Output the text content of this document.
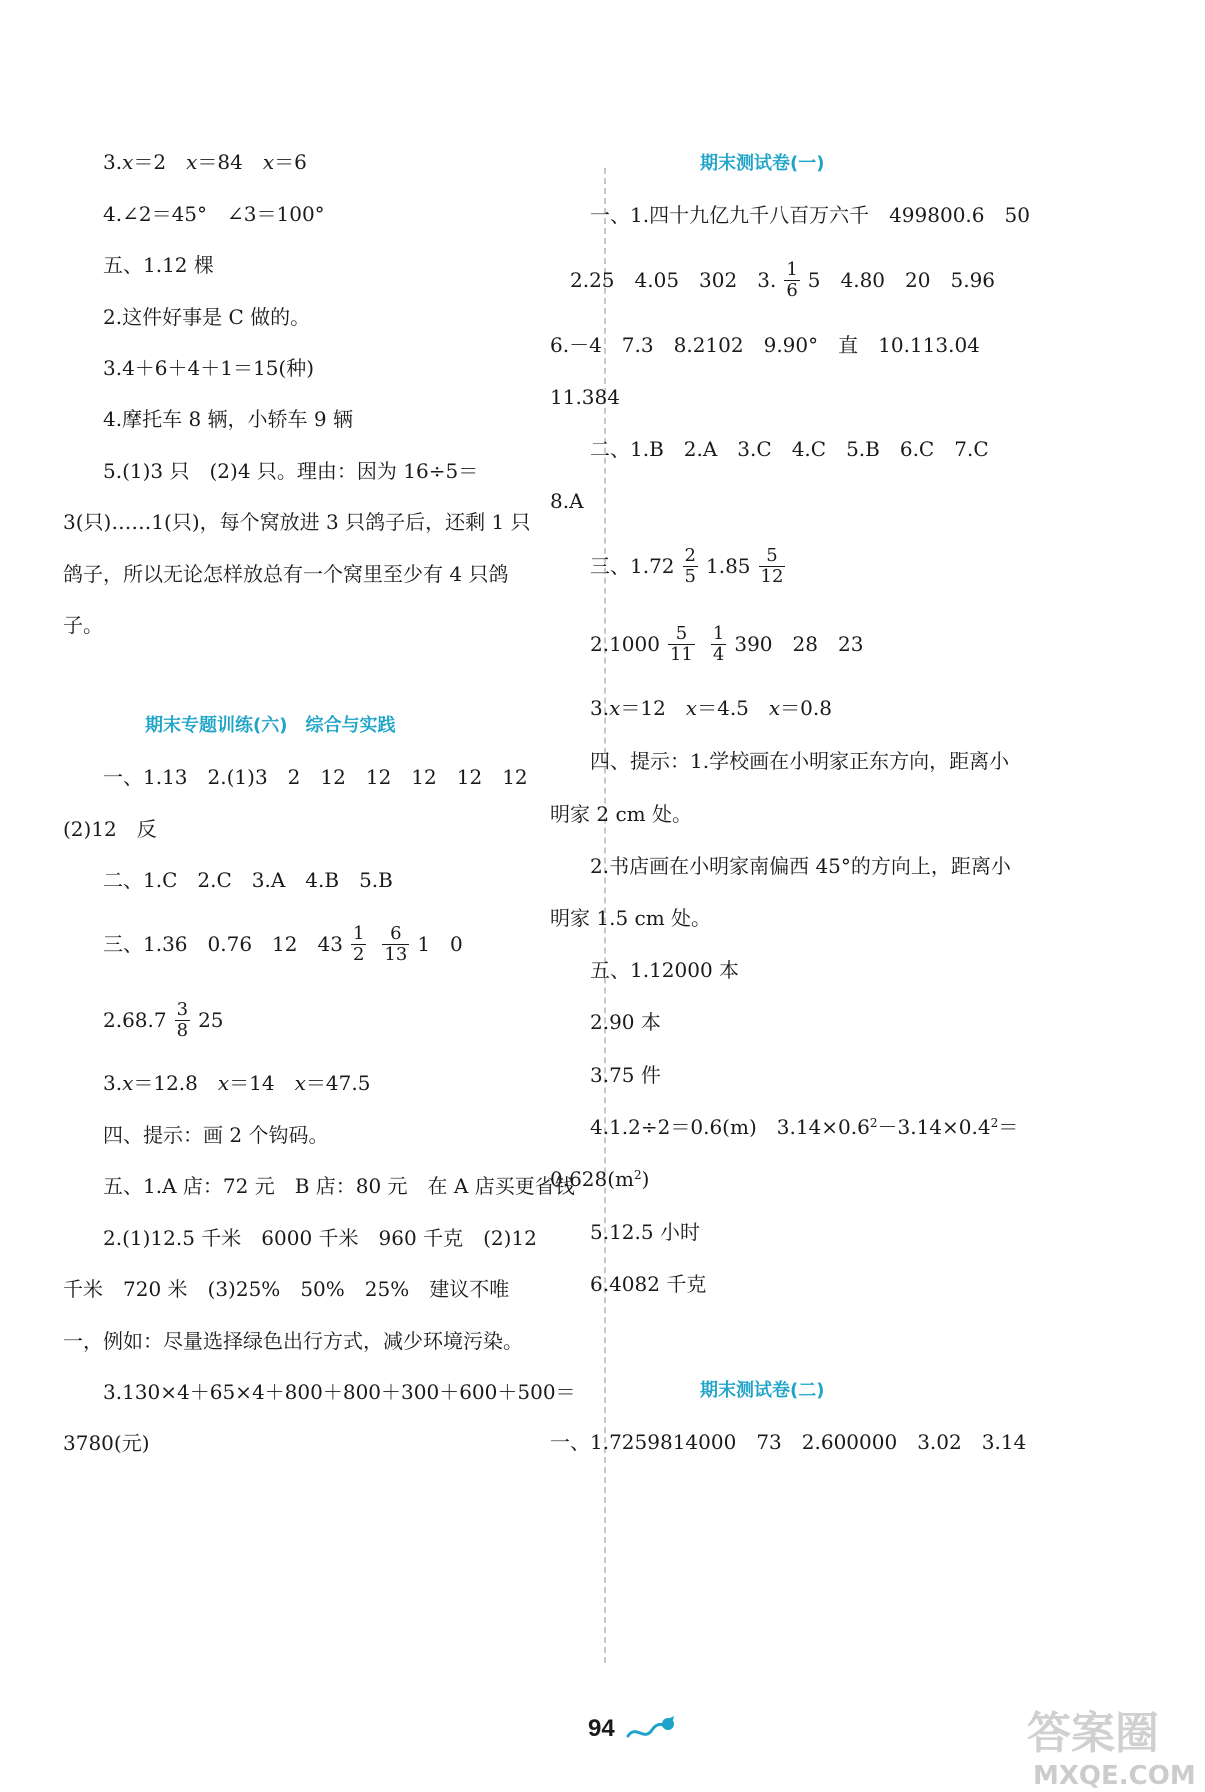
3.𝑥＝2　𝑥＝84　𝑥＝6
4.∠2＝45°　∠3＝100°
五、1.12 棵
2.这件好事是 C 做的。
3.4＋6＋4＋1＝15(种)
4.摩托车 8 辆，小轿车 9 辆
5.(1)3 只　(2)4 只。理由：因为 16÷5＝
3(只)……1(只)，每个窝放进 3 只鸽子后，还剩 1 只
鸽子，所以无论怎样放总有一个窝里至少有 4 只鸽
子。
期末专题训练(六)　综合与实践
一、1.13　2.(1)3　2　12　12　12　12　12
(2)12　反
二、1.C　2.C　3.A　4.B　5.B
三、1.36　0.76　12　$43 \frac{1}{2} \frac{6}{13} 1$　0
$2.68.7 \frac{3}{8} 25$
3.𝑥＝12.8　𝑥＝14　𝑥＝47.5
四、提示：画 2 个钩码。
五、1.A 店：72 元　B 店：80 元　在 A 店买更省钱
2.(1)12.5 千米　6000 千米　960 千克　(2)12
千米　720 米　(3)25%　50%　25%　建议不唯
一，例如：尽量选择绿色出行方式，减少环境污染。
3.130×4＋65×4＋800＋800＋300＋600＋500＝
3780(元)
期末测试卷(一)
一、1.四十九亿九千八百万六千　499800.6　50
2.25　4.05　302　3. $\frac{1}{6} 5$　4.80　20　5.96
6.－4　7.3　8.2102　9.90°　直　10.113.04
11.384
二、1.B　2.A　3.C　4.C　5.B　6.C　7.C
8.A
三、$1.72 \frac{2}{5} 1.85 \frac{5}{12}$
$2.1000 \frac{5}{11} \frac{1}{4} 390$　28　23
3.𝑥＝12　𝑥＝4.5　𝑥＝0.8
四、提示：1.学校画在小明家正东方向，距离小
明家 2 cm 处。
2.书店画在小明家南偏西 45°的方向上，距离小
明家 1.5 cm 处。
五、1.12000 本
2.90 本
3.75 件
4.1.2÷2＝0.6(m)　$3.14\times 0.6^2 -3.14\times 0.4^2$ ＝
$0.628(m^2$ )
5.12.5 小时
6.4082 千克
期末测试卷(二)
一、1.7259814000　73　2.600000　3.02　3.14
94	答案圈
MXQE.COM
